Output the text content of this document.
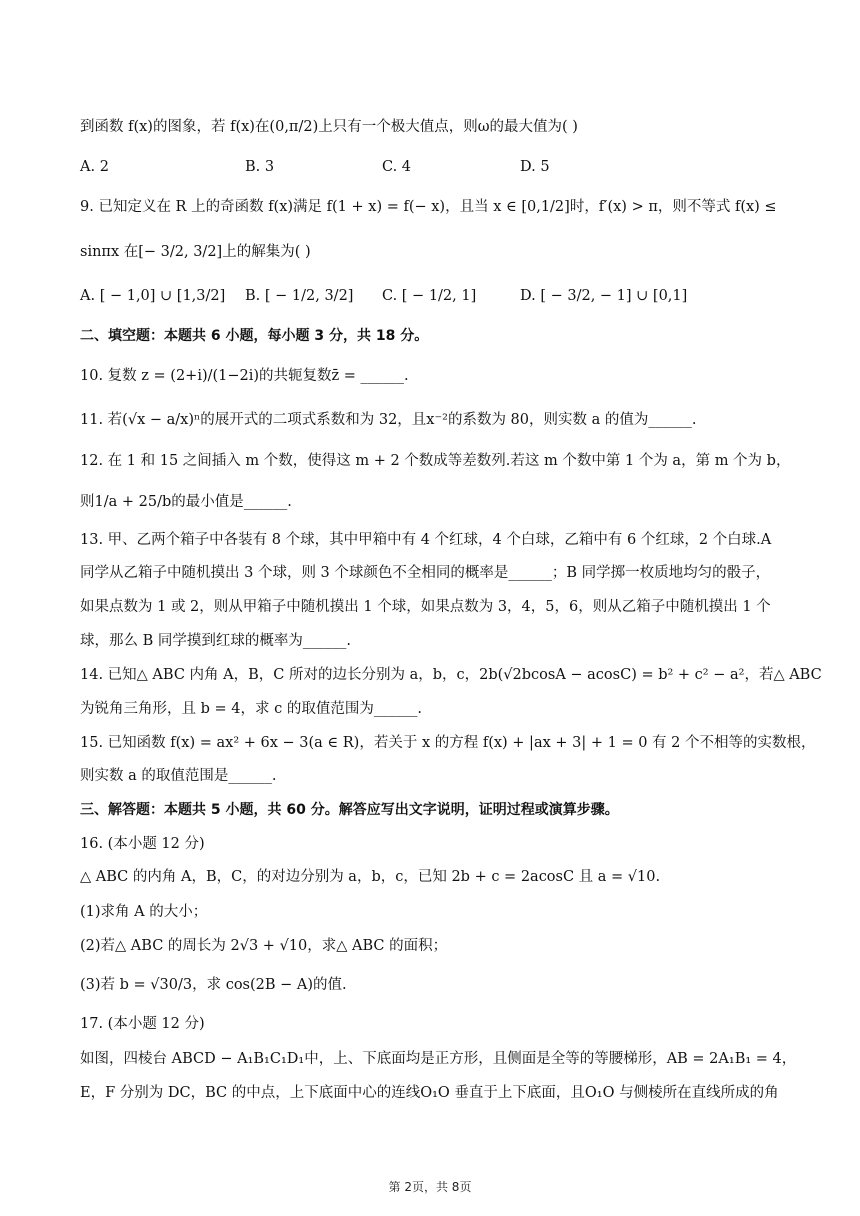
到函数 f(x)的图象，若 f(x)在(0,π/2)上只有一个极大值点，则ω的最大值为( )
A. 2	B. 3	C. 4	D. 5
9. 已知定义在 R 上的奇函数 f(x)满足 f(1 + x) = f(− x)，且当 x ∈ [0,1/2]时，f′(x) > π，则不等式 f(x) ≤
sinπx 在[− 3/2, 3/2]上的解集为( )
A. [ − 1,0] ∪ [1,3/2] B. [ − 1/2, 3/2] C. [ − 1/2, 1]	D. [ − 3/2, − 1] ∪ [0,1]
二、填空题：本题共 6 小题，每小题 3 分，共 18 分。
10. 复数 z = (2+i)/(1−2i)的共轭复数z̄ = ______.
11. 若(√x − a/x)ⁿ的展开式的二项式系数和为 32，且x⁻²的系数为 80，则实数 a 的值为______.
12. 在 1 和 15 之间插入 m 个数，使得这 m + 2 个数成等差数列.若这 m 个数中第 1 个为 a，第 m 个为 b，
则1/a + 25/b的最小值是______.
13. 甲、乙两个箱子中各装有 8 个球，其中甲箱中有 4 个红球，4 个白球，乙箱中有 6 个红球，2 个白球.A
同学从乙箱子中随机摸出 3 个球，则 3 个球颜色不全相同的概率是______；B 同学掷一枚质地均匀的骰子，
如果点数为 1 或 2，则从甲箱子中随机摸出 1 个球，如果点数为 3，4，5，6，则从乙箱子中随机摸出 1 个
球，那么 B 同学摸到红球的概率为______.
14. 已知△ ABC 内角 A，B，C 所对的边长分别为 a，b，c，2b(√2bcosA − acosC) = b² + c² − a²，若△ ABC
为锐角三角形，且 b = 4，求 c 的取值范围为______.
15. 已知函数 f(x) = ax² + 6x − 3(a ∈ R)，若关于 x 的方程 f(x) + |ax + 3| + 1 = 0 有 2 个不相等的实数根，
则实数 a 的取值范围是______.
三、解答题：本题共 5 小题，共 60 分。解答应写出文字说明，证明过程或演算步骤。
16. (本小题 12 分)
△ ABC 的内角 A，B，C，的对边分别为 a，b，c，已知 2b + c = 2acosC 且 a = √10.
(1)求角 A 的大小；
(2)若△ ABC 的周长为 2√3 + √10，求△ ABC 的面积；
(3)若 b = √30/3，求 cos(2B − A)的值.
17. (本小题 12 分)
如图，四棱台 ABCD − A₁B₁C₁D₁中，上、下底面均是正方形，且侧面是全等的等腰梯形，AB = 2A₁B₁ = 4，
E，F 分别为 DC，BC 的中点，上下底面中心的连线O₁O 垂直于上下底面，且O₁O 与侧棱所在直线所成的角
第 2页，共 8页
